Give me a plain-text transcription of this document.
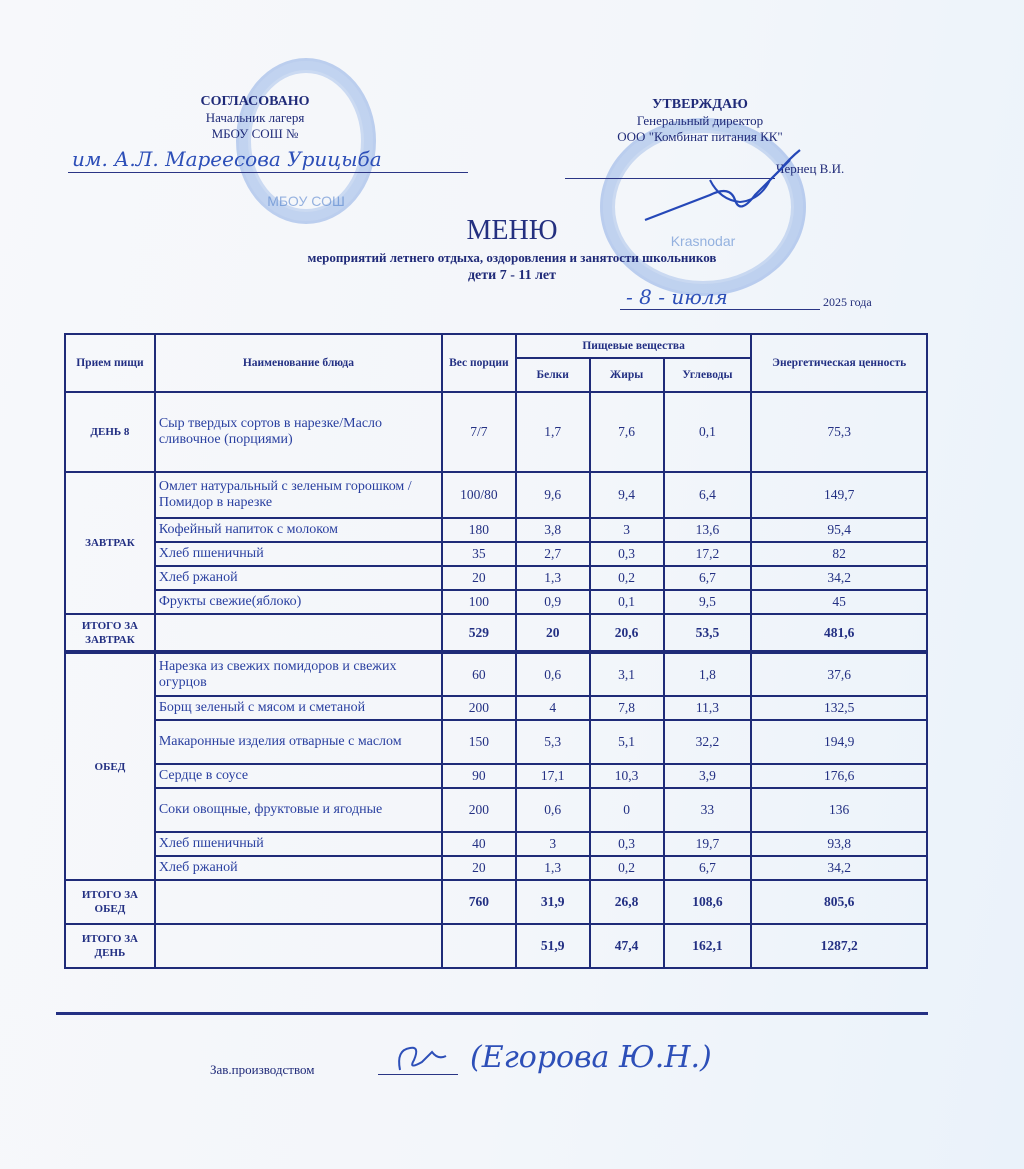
МБОУ СОШ
Krasnodar
СОГЛАСОВАНО
Начальник лагеря
МБОУ СОШ №
им. А.Л. Мареесова Урицыба
УТВЕРЖДАЮ
Генеральный директор
ООО "Комбинат питания КК"
Чернец В.И.
МЕНЮ
мероприятий летнего отдыха, оздоровления и занятости школьников
дети 7 - 11 лет
- 8 - июля	2025 года
Прием пищи	Наименование блюда	Вес порции	Пищевые вещества			Энергетическая ценность
			Белки	Жиры	Углеводы	
ДЕНЬ 8	Сыр твердых сортов в нарезке/Масло сливочное (порциями)	7/7	1,7	7,6	0,1	75,3
ЗАВТРАК	Омлет натуральный с зеленым горошком /Помидор в нарезке	100/80	9,6	9,4	6,4	149,7
	Кофейный напиток с молоком	180	3,8	3	13,6	95,4
	Хлеб пшеничный	35	2,7	0,3	17,2	82
	Хлеб ржаной	20	1,3	0,2	6,7	34,2
	Фрукты свежие(яблоко)	100	0,9	0,1	9,5	45
ИТОГО ЗА ЗАВТРАК		529	20	20,6	53,5	481,6
ОБЕД	Нарезка из свежих помидоров и свежих огурцов	60	0,6	3,1	1,8	37,6
	Борщ зеленый с мясом и сметаной	200	4	7,8	11,3	132,5
	Макаронные изделия отварные с маслом	150	5,3	5,1	32,2	194,9
	Сердце в соусе	90	17,1	10,3	3,9	176,6
	Соки овощные, фруктовые и ягодные	200	0,6	0	33	136
	Хлеб пшеничный	40	3	0,3	19,7	93,8
	Хлеб ржаной	20	1,3	0,2	6,7	34,2
ИТОГО ЗА ОБЕД		760	31,9	26,8	108,6	805,6
ИТОГО ЗА ДЕНЬ			51,9	47,4	162,1	1287,2
Зав.производством	(Егорова Ю.Н.)
